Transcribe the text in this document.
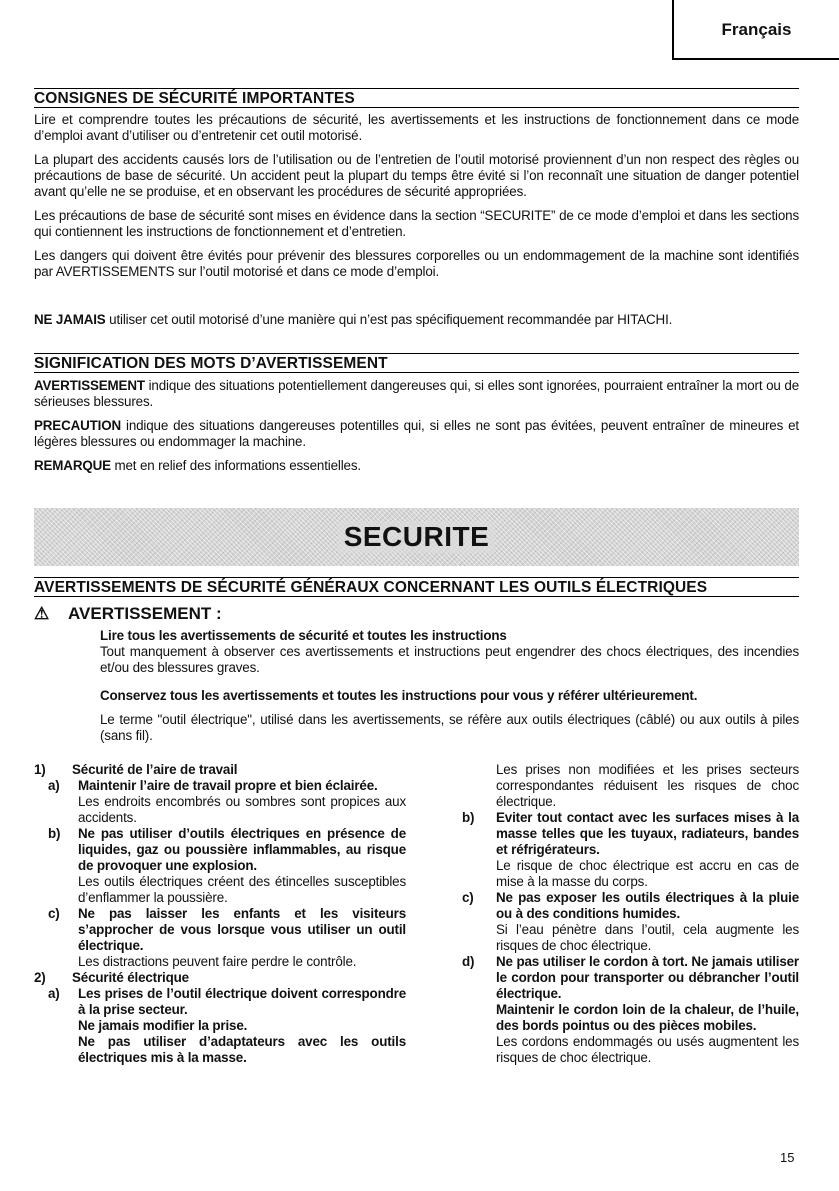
Français
CONSIGNES DE SÉCURITÉ IMPORTANTES
Lire et comprendre toutes les précautions de sécurité, les avertissements et les instructions de fonctionnement dans ce mode d’emploi avant d’utiliser ou d’entretenir cet outil motorisé.
La plupart des accidents causés lors de l’utilisation ou de l’entretien de l’outil motorisé proviennent d’un non respect des règles ou précautions de base de sécurité. Un accident peut la plupart du temps être évité si l’on reconnaît une situation de danger potentiel avant qu’elle ne se produise, et en observant les procédures de sécurité appropriées.
Les précautions de base de sécurité sont mises en évidence dans la section “SECURITE” de ce mode d’emploi et dans les sections qui contiennent les instructions de fonctionnement et d’entretien.
Les dangers qui doivent être évités pour prévenir des blessures corporelles ou un endommagement de la machine sont identifiés par AVERTISSEMENTS sur l’outil motorisé et dans ce mode d’emploi.
NE JAMAIS utiliser cet outil motorisé d’une manière qui n’est pas spécifiquement recommandée par HITACHI.
SIGNIFICATION DES MOTS D’AVERTISSEMENT
AVERTISSEMENT indique des situations potentiellement dangereuses qui, si elles sont ignorées, pourraient entraîner la mort ou de sérieuses blessures.
PRECAUTION indique des situations dangereuses potentilles qui, si elles ne sont pas évitées, peuvent entraîner de mineures et légères blessures ou endommager la machine.
REMARQUE met en relief des informations essentielles.
SECURITE
AVERTISSEMENTS DE SÉCURITÉ GÉNÉRAUX CONCERNANT LES OUTILS ÉLECTRIQUES
⚠ AVERTISSEMENT :
Lire tous les avertissements de sécurité et toutes les instructions
Tout manquement à observer ces avertissements et instructions peut engendrer des chocs électriques, des incendies et/ou des blessures graves.
Conservez tous les avertissements et toutes les instructions pour vous y référer ultérieurement.
Le terme "outil électrique", utilisé dans les avertissements, se réfère aux outils électriques (câblé) ou aux outils à piles (sans fil).
1)	Sécurité de l’aire de travail
a)	Maintenir l’aire de travail propre et bien éclairée.
Les endroits encombrés ou sombres sont propices aux accidents.
b)	Ne pas utiliser d’outils électriques en présence de liquides, gaz ou poussière inflammables, au risque de provoquer une explosion.
Les outils électriques créent des étincelles susceptibles d’enflammer la poussière.
c)	Ne pas laisser les enfants et les visiteurs s’approcher de vous lorsque vous utiliser un outil électrique.
Les distractions peuvent faire perdre le contrôle.
2)	Sécurité électrique
a)	Les prises de l’outil électrique doivent correspondre à la prise secteur.
Ne jamais modifier la prise.
Ne pas utiliser d’adaptateurs avec les outils électriques mis à la masse.
Les prises non modifiées et les prises secteurs correspondantes réduisent les risques de choc électrique.
b)	Eviter tout contact avec les surfaces mises à la masse telles que les tuyaux, radiateurs, bandes et réfrigérateurs.
Le risque de choc électrique est accru en cas de mise à la masse du corps.
c)	Ne pas exposer les outils électriques à la pluie ou à des conditions humides.
Si l’eau pénètre dans l’outil, cela augmente les risques de choc électrique.
d)	Ne pas utiliser le cordon à tort. Ne jamais utiliser le cordon pour transporter ou débrancher l’outil électrique.
Maintenir le cordon loin de la chaleur, de l’huile, des bords pointus ou des pièces mobiles.
Les cordons endommagés ou usés augmentent les risques de choc électrique.
15
